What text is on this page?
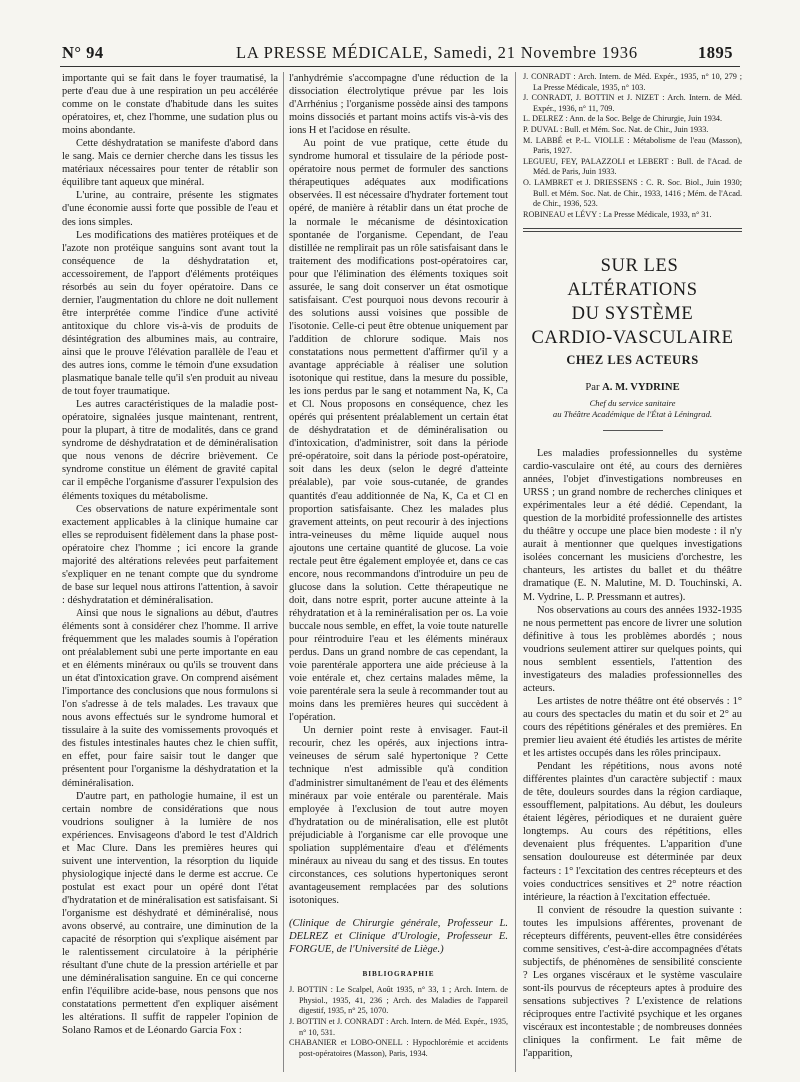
N° 94	LA PRESSE MÉDICALE, Samedi, 21 Novembre 1936	1895

importante qui se fait dans le foyer traumatisé, la perte d'eau due à une respiration un peu accélérée comme on le constate d'habitude dans les suites opératoires, et, chez l'homme, une sudation plus ou moins abondante.

Cette déshydratation se manifeste d'abord dans le sang. Mais ce dernier cherche dans les tissus les matériaux nécessaires pour tenter de rétablir son équilibre tant aqueux que minéral.

L'urine, au contraire, présente les stigmates d'une économie aussi forte que possible de l'eau et des ions simples.

Les modifications des matières protéiques et de l'azote non protéique sanguins sont avant tout la conséquence de la déshydratation et, accessoirement, de l'apport d'éléments protéiques résorbés au sein du foyer opératoire. Dans ce dernier, l'augmentation du chlore ne doit nullement être interprétée comme l'indice d'une activité antitoxique du chlore vis-à-vis de produits de désintégration des albumines mais, au contraire, ainsi que le prouve l'élévation parallèle de l'eau et des autres ions, comme le témoin d'une exsudation plasmatique banale telle qu'il s'en produit au niveau de tout foyer traumatique.

Les autres caractéristiques de la maladie post-opératoire, signalées jusque maintenant, rentrent, pour la plupart, à titre de modalités, dans ce grand syndrome de déshydratation et de déminéralisation que nous venons de décrire brièvement. Ce syndrome constitue un élément de gravité capital car il empêche l'organisme d'assurer l'expulsion des éléments toxiques du métabolisme.

Ces observations de nature expérimentale sont exactement applicables à la clinique humaine car elles se reproduisent fidèlement dans la phase post-opératoire chez l'homme ; ici encore la grande majorité des altérations relevées peut parfaitement s'expliquer en ne tenant compte que du syndrome de base sur lequel nous attirons l'attention, à savoir : déshydratation et déminéralisation.

Ainsi que nous le signalions au début, d'autres éléments sont à considérer chez l'homme. Il arrive fréquemment que les malades soumis à l'opération ont préalablement subi une perte importante en eau et en éléments minéraux ou qu'ils se trouvent dans un état d'intoxication grave. On comprend aisément l'importance des conclusions que nous formulons si l'on s'adresse à de tels malades. Les travaux que nous avons effectués sur le syndrome humoral et tissulaire à la suite des vomissements provoqués et des fistules intestinales hautes chez le chien suffit, en effet, pour faire saisir tout le danger que présentent pour l'organisme la déshydratation et la déminéralisation.

D'autre part, en pathologie humaine, il est un certain nombre de considérations que nous voudrions souligner à la lumière de nos expériences. Envisageons d'abord le test d'Aldrich et Mac Clure. Dans les premières heures qui suivent une intervention, la résorption du liquide physiologique injecté dans le derme est accrue. Ce postulat est exact pour un opéré dont l'état d'hydratation et de minéralisation est satisfaisant. Si l'organisme est déshydraté et déminéralisé, nous avons observé, au contraire, une diminution de la capacité de résorption qui s'explique aisément par le ralentissement circulatoire à la périphérie résultant d'une chute de la pression artérielle et par une déminéralisation sanguine. En ce qui concerne enfin l'équilibre acide-base, nous pensons que nos constatations permettent d'en expliquer aisément les altérations. Il suffit de rappeler l'opinion de Solano Ramos et de Léonardo Garcia Fox :

l'anhydrémie s'accompagne d'une réduction de la dissociation électrolytique prévue par les lois d'Arrhénius ; l'organisme possède ainsi des tampons moins dissociés et partant moins actifs vis-à-vis des ions H et l'acidose en résulte.

Au point de vue pratique, cette étude du syndrome humoral et tissulaire de la période post-opératoire nous permet de formuler des sanctions thérapeutiques adéquates aux modifications observées. Il est nécessaire d'hydrater fortement tout opéré, de manière à rétablir dans un état proche de la normale le mécanisme de désintoxication spontanée de l'organisme. Cependant, de l'eau distillée ne remplirait pas un rôle satisfaisant dans le traitement des modifications post-opératoires car, pour que l'élimination des éléments toxiques soit assurée, le sang doit conserver un état osmotique satisfaisant. C'est pourquoi nous devons recourir à des solutions aussi voisines que possible de l'isotonie. Celle-ci peut être obtenue uniquement par l'addition de chlorure sodique. Mais nos constatations nous permettent d'affirmer qu'il y a avantage appréciable à réaliser une solution isotonique qui restitue, dans la mesure du possible, les ions perdus par le sang et notamment Na, K, Ca et Cl. Nous proposons en conséquence, chez les opérés qui présentent préalablement un certain état de déshydratation et de déminéralisation ou d'intoxication, d'administrer, soit dans la période pré-opératoire, soit dans la période post-opératoire, soit dans les deux (selon le degré d'atteinte préalable), par voie sous-cutanée, de grandes quantités d'eau additionnée de Na, K, Ca et Cl en proportion satisfaisante. Chez les malades plus gravement atteints, on peut recourir à des injections intra-veineuses du même liquide auquel nous ajoutons une certaine quantité de glucose. La voie rectale peut être également employée et, dans ce cas encore, nous recommandons d'introduire un peu de glucose dans la solution. Cette thérapeutique ne doit, dans notre esprit, porter aucune atteinte à la réhydratation et à la reminéralisation per os. La voie buccale nous semble, en effet, la voie toute naturelle pour réintroduire l'eau et les éléments minéraux perdus. Dans un grand nombre de cas cependant, la voie parentérale apportera une aide précieuse à la voie entérale et, chez certains malades même, la voie parentérale sera la seule à recommander tout au moins dans les premières heures qui succèdent à l'opération.

Un dernier point reste à envisager. Faut-il recourir, chez les opérés, aux injections intra-veineuses de sérum salé hypertonique ? Cette technique n'est admissible qu'à condition d'administrer simultanément de l'eau et des éléments minéraux par voie entérale ou parentérale. Mais employée à l'exclusion de tout autre moyen d'hydratation ou de minéralisation, elle est plutôt préjudiciable à l'organisme car elle provoque une spoliation supplémentaire d'eau et d'éléments minéraux au niveau du sang et des tissus. En toutes circonstances, ces solutions hypertoniques seront avantageusement remplacées par des solutions isotoniques.

(Clinique de Chirurgie générale, Professeur L. DELREZ et Clinique d'Urologie, Professeur E. FORGUE, de l'Université de Liège.)

BIBLIOGRAPHIE

J. BOTTIN : Le Scalpel, Août 1935, n° 33, 1 ; Arch. Intern. de Physiol., 1935, 41, 236 ; Arch. des Maladies de l'appareil digestif, 1935, n° 25, 1070.

J. BOTTIN et J. CONRADT : Arch. Intern. de Méd. Expér., 1935, n° 10, 531.

CHABANIER et LOBO-ONELL : Hypochlorémie et accidents post-opératoires (Masson), Paris, 1934.

J. CONRADT : Arch. Intern. de Méd. Expér., 1935, n° 10, 279 ; La Presse Médicale, 1935, n° 103.

J. CONRADT, J. BOTTIN et J. NIZET : Arch. Intern. de Méd. Expér., 1936, n° 11, 709.

L. DELREZ : Ann. de la Soc. Belge de Chirurgie, Juin 1934.

P. DUVAL : Bull. et Mém. Soc. Nat. de Chir., Juin 1933.

M. LABBÉ et P.-L. VIOLLE : Métabolisme de l'eau (Masson), Paris, 1927.

LEGUEU, FEY, PALAZZOLI et LEBERT : Bull. de l'Acad. de Méd. de Paris, Juin 1933.

O. LAMBRET et J. DRIESSENS : C. R. Soc. Biol., Juin 1930; Bull. et Mém. Soc. Nat. de Chir., 1933, 1416 ; Mém. de l'Acad. de Chir., 1936, 523.

ROBINEAU et LÉVY : La Presse Médicale, 1933, n° 31.

SUR LES ALTÉRATIONS
DU SYSTÈME
CARDIO-VASCULAIRE

CHEZ LES ACTEURS
Par A. M. VYDRINE
Chef du service sanitaire
au Théâtre Académique de l'État à Léningrad.

Les maladies professionnelles du système cardio-vasculaire ont été, au cours des dernières années, l'objet d'investigations nombreuses en URSS ; un grand nombre de recherches cliniques et expérimentales leur a été dédié. Cependant, la question de la morbidité professionnelle des artistes du théâtre y occupe une place bien modeste : il n'y aurait à mentionner que quelques investigations isolées concernant les musiciens d'orchestre, les chanteurs, les artistes du ballet et du théâtre dramatique (E. N. Malutine, M. D. Touchinski, A. M. Vydrine, L. P. Pressmann et autres).

Nos observations au cours des années 1932-1935 ne nous permettent pas encore de livrer une solution définitive à tous les problèmes abordés ; nous voudrions seulement attirer sur quelques points, qui nous semblent essentiels, l'attention des investigateurs des maladies professionnelles des acteurs.

Les artistes de notre théâtre ont été observés : 1° au cours des spectacles du matin et du soir et 2° au cours des répétitions générales et des premières. En premier lieu avaient été étudiés les artistes de mérite et les artistes occupés dans les rôles principaux.

Pendant les répétitions, nous avons noté différentes plaintes d'un caractère subjectif : maux de tête, douleurs sourdes dans la région cardiaque, essoufflement, palpitations. Au début, les douleurs étaient légères, périodiques et ne duraient guère longtemps. Au cours des répétitions, elles devenaient plus fréquentes. L'apparition d'une sensation douloureuse est déterminée par deux facteurs : 1° l'excitation des centres récepteurs et des voies conductrices sensitives et 2° notre réaction intérieure, la réaction à l'excitation effectuée.

Il convient de résoudre la question suivante : toutes les impulsions afférentes, provenant de récepteurs différents, peuvent-elles être considérées comme sensitives, c'est-à-dire accompagnées d'états subjectifs, de phénomènes de sensibilité consciente ? Les organes viscéraux et le système vasculaire sont-ils pourvus de récepteurs aptes à produire des sensations subjectives ? L'existence de relations réciproques entre l'activité psychique et les organes viscéraux est incontestable ; de nombreuses données cliniques la confirment. Le fait même de l'apparition,
